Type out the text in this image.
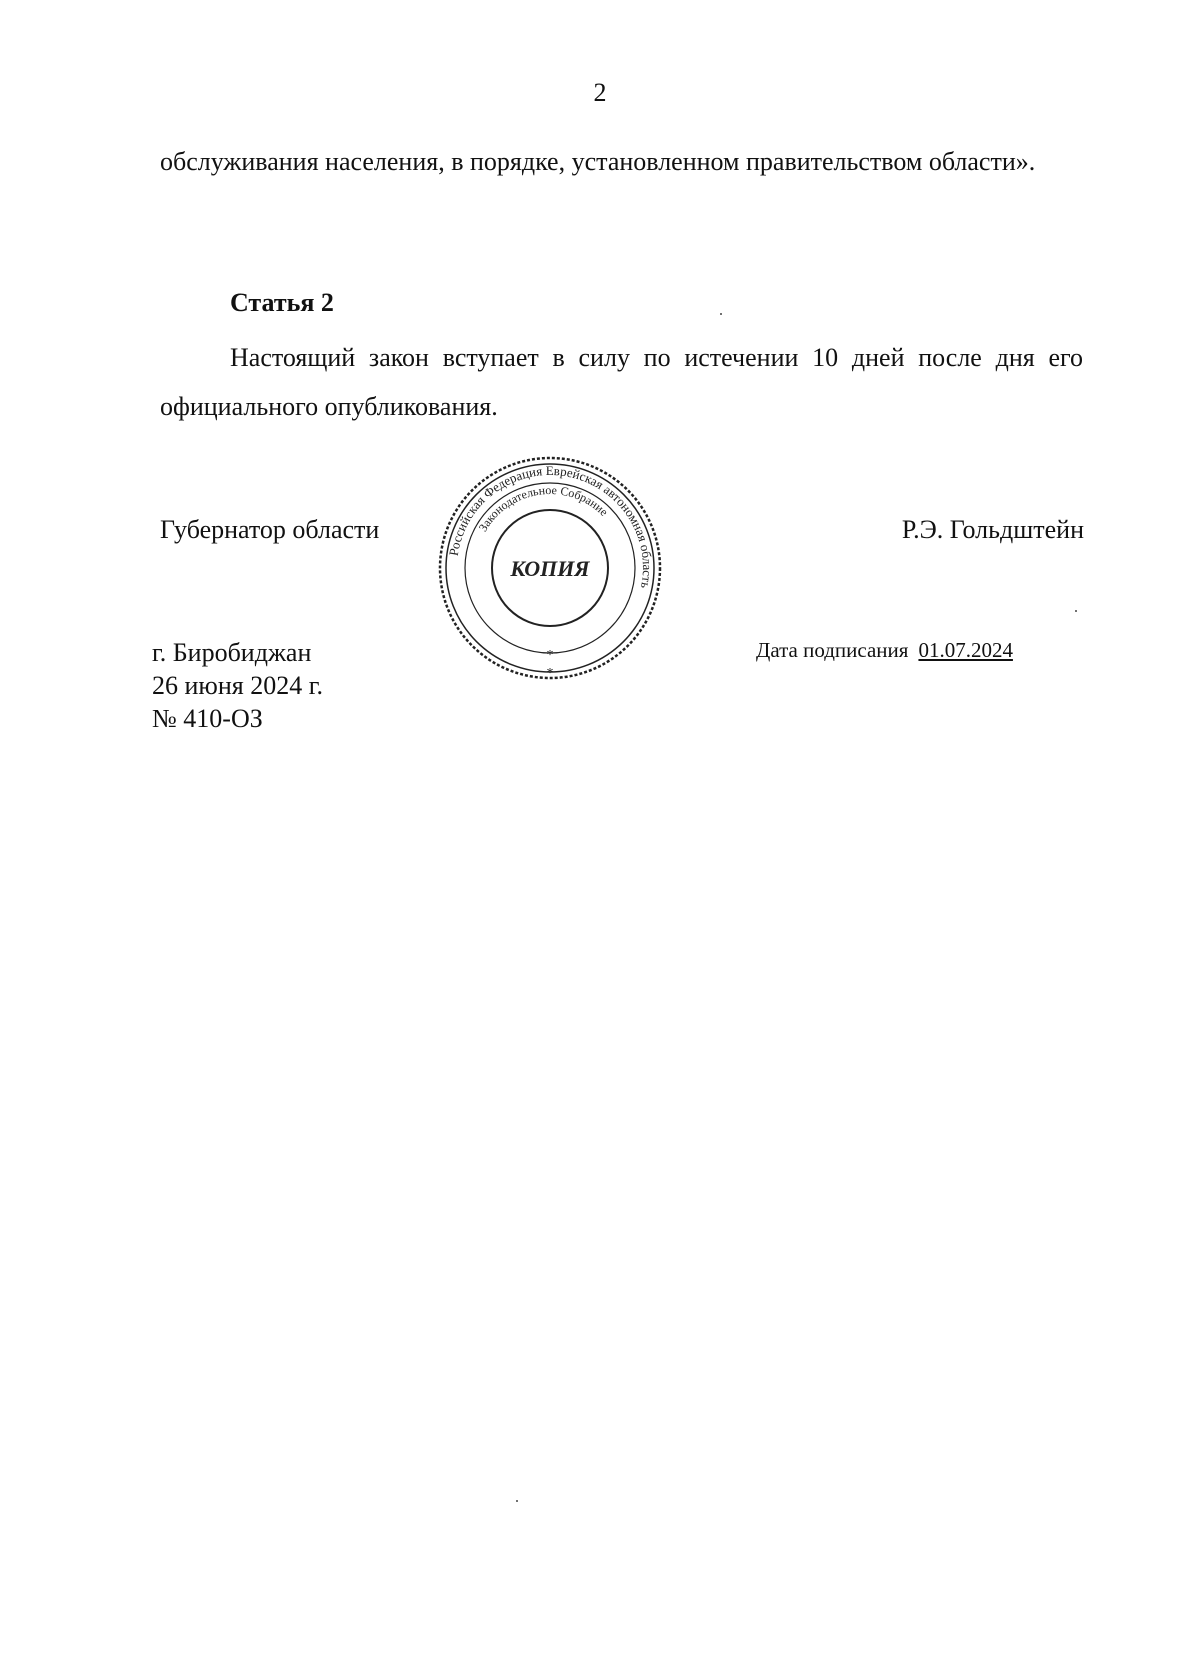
2

обслуживания населения, в порядке, установленном правительством области».

Статья 2

Настоящий закон вступает в силу по истечении 10 дней после дня его официального опубликования.

Губернатор области
Российская Федерация Еврейская автономная область
Законодательное Собрание
КОПИЯ
*
*
Р.Э. Гольдштейн
г. Биробиджан
26 июня 2024 г.
№ 410-ОЗ
Дата подписания 01.07.2024
